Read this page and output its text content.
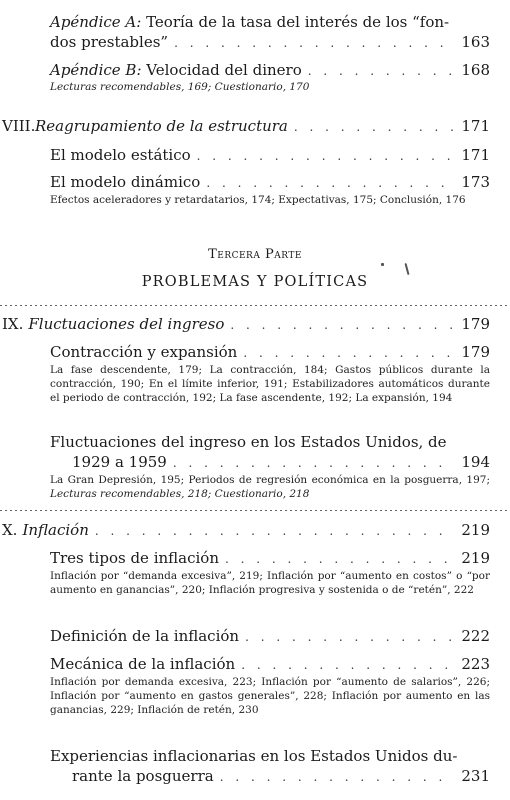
Apéndice A:
Teoría de la tasa del interés de los “fon-
dos prestables” . . .	163
Apéndice B:
Velocidad del dinero . . .	168
Lecturas recomendables, 169; Cuestionario, 170
VIII. Reagrupamiento de la estructura . . .	171
El modelo estático . . .	171
El modelo dinámico . . .	173
Efectos aceleradores y retardatarios, 174; Expectativas, 175; Conclusión, 176
Tercera Parte
PROBLEMAS Y POLÍTICAS
IX. Fluctuaciones del ingreso . . .	179
Contracción y expansión . . .	179
La fase descendente, 179; La contracción, 184; Gastos públicos durante la contracción, 190; En el límite inferior, 191; Estabilizadores automáticos durante el periodo de contracción, 192; La fase ascendente, 192; La expansión, 194
Fluctuaciones del ingreso en los Estados Unidos, de
1929 a 1959 . . .	194
La Gran Depresión, 195; Periodos de regresión económica en la posguerra, 197; Lecturas recomendables, 218; Cuestionario, 218
X. Inflación . . .	219
Tres tipos de inflación . . .	219
Inflación por “demanda excesiva”, 219; Inflación por “aumento en costos” o “por aumento en ganancias”, 220; Inflación progresiva y sostenida o de “retén”, 222
Definición de la inflación . . .	222
Mecánica de la inflación . . .	223
Inflación por demanda excesiva, 223; Inflación por “aumento de salarios”, 226; Inflación por “aumento en gastos generales”, 228; Inflación por aumento en las ganancias, 229; Inflación de retén, 230
Experiencias inflacionarias en los Estados Unidos du-
rante la posguerra . . .	231
